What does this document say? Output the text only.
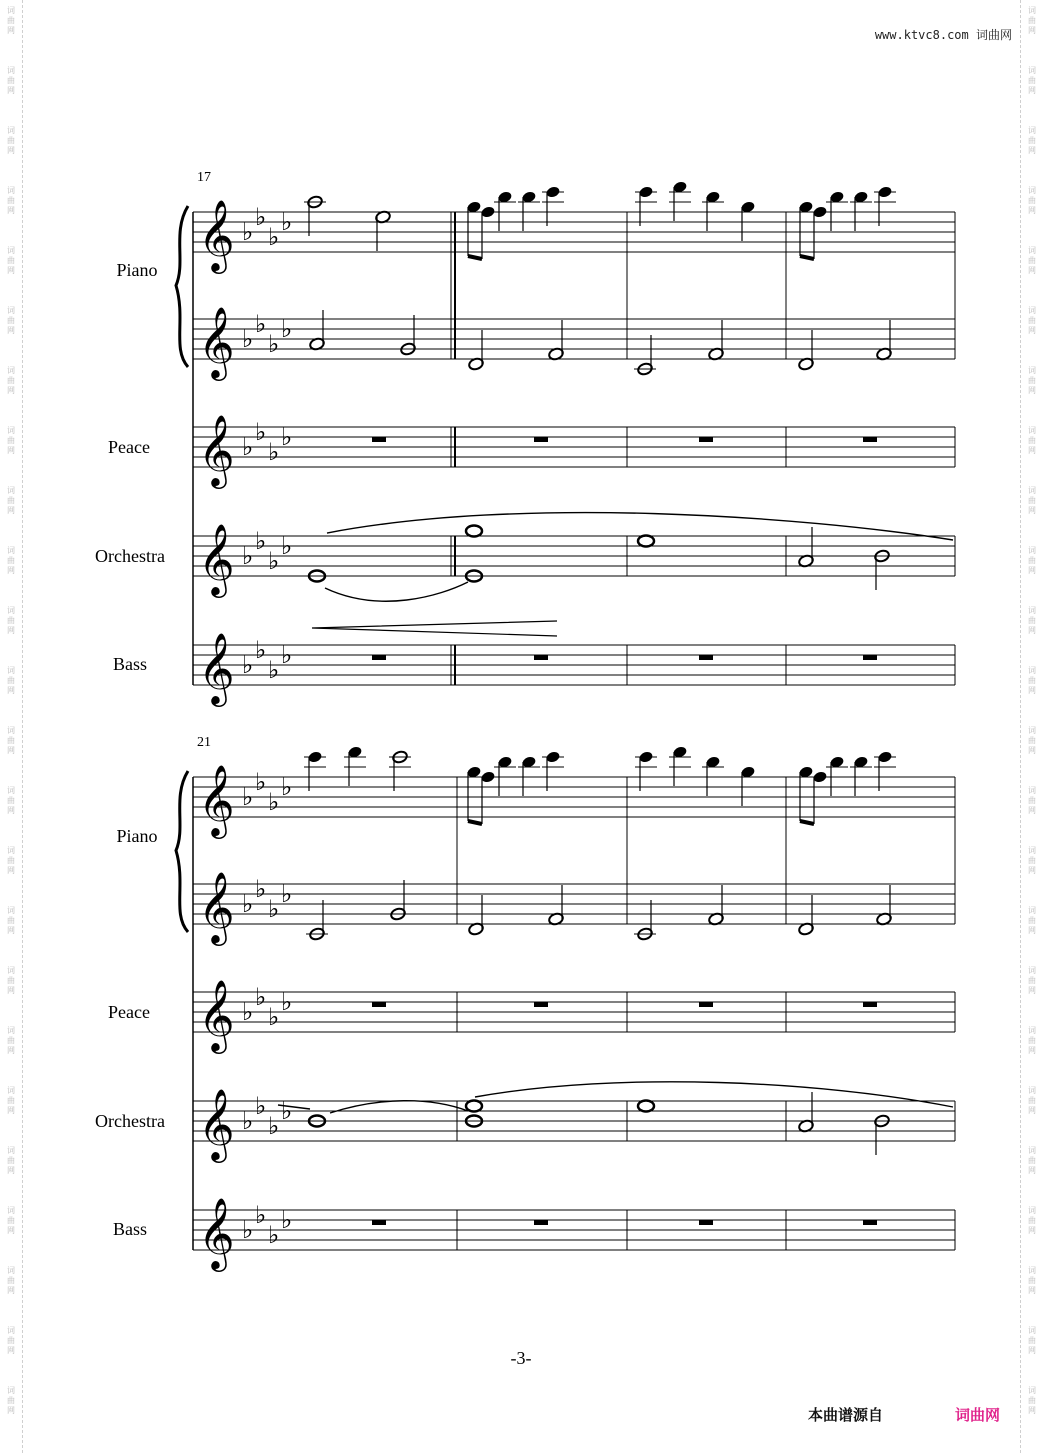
词
曲
网
词
曲
网
词
曲
网
词
曲
网
词
曲
网
词
曲
网
词
曲
网
词
曲
网
词
曲
网
词
曲
网
词
曲
网
词
曲
网
词
曲
网
词
曲
网
词
曲
网
词
曲
网
词
曲
网
词
曲
网
词
曲
网
词
曲
网
词
曲
网
词
曲
网
词
曲
网
词
曲
网
词
曲
网
词
曲
网
词
曲
网
词
曲
网
词
曲
网
词
曲
网
词
曲
网
词
曲
网
词
曲
网
词
曲
网
词
曲
网
词
曲
网
词
曲
网
词
曲
网
词
曲
网
词
曲
网
词
曲
网
词
曲
网
词
曲
网
词
曲
网
词
曲
网
词
曲
网
词
曲
网
词
曲
网
www.ktvc8.com 词曲网
17
21
Piano
Peace
Orchestra
Bass
Piano
Peace
Orchestra
Bass
𝄞 ♭
♭
♭
♭
𝄞 ♭
♭
♭
♭
𝄞 ♭
♭
♭
♭
𝄞 ♭
♭
♭
♭
𝄞 ♭
♭
♭
♭
𝄞 ♭
♭
♭
♭
𝄞 ♭
♭
♭
♭
𝄞 ♭
♭
♭
♭
𝄞 ♭
♭
♭
♭
𝄞 ♭
♭
♭
♭
-3-
本曲谱源自	词曲网
